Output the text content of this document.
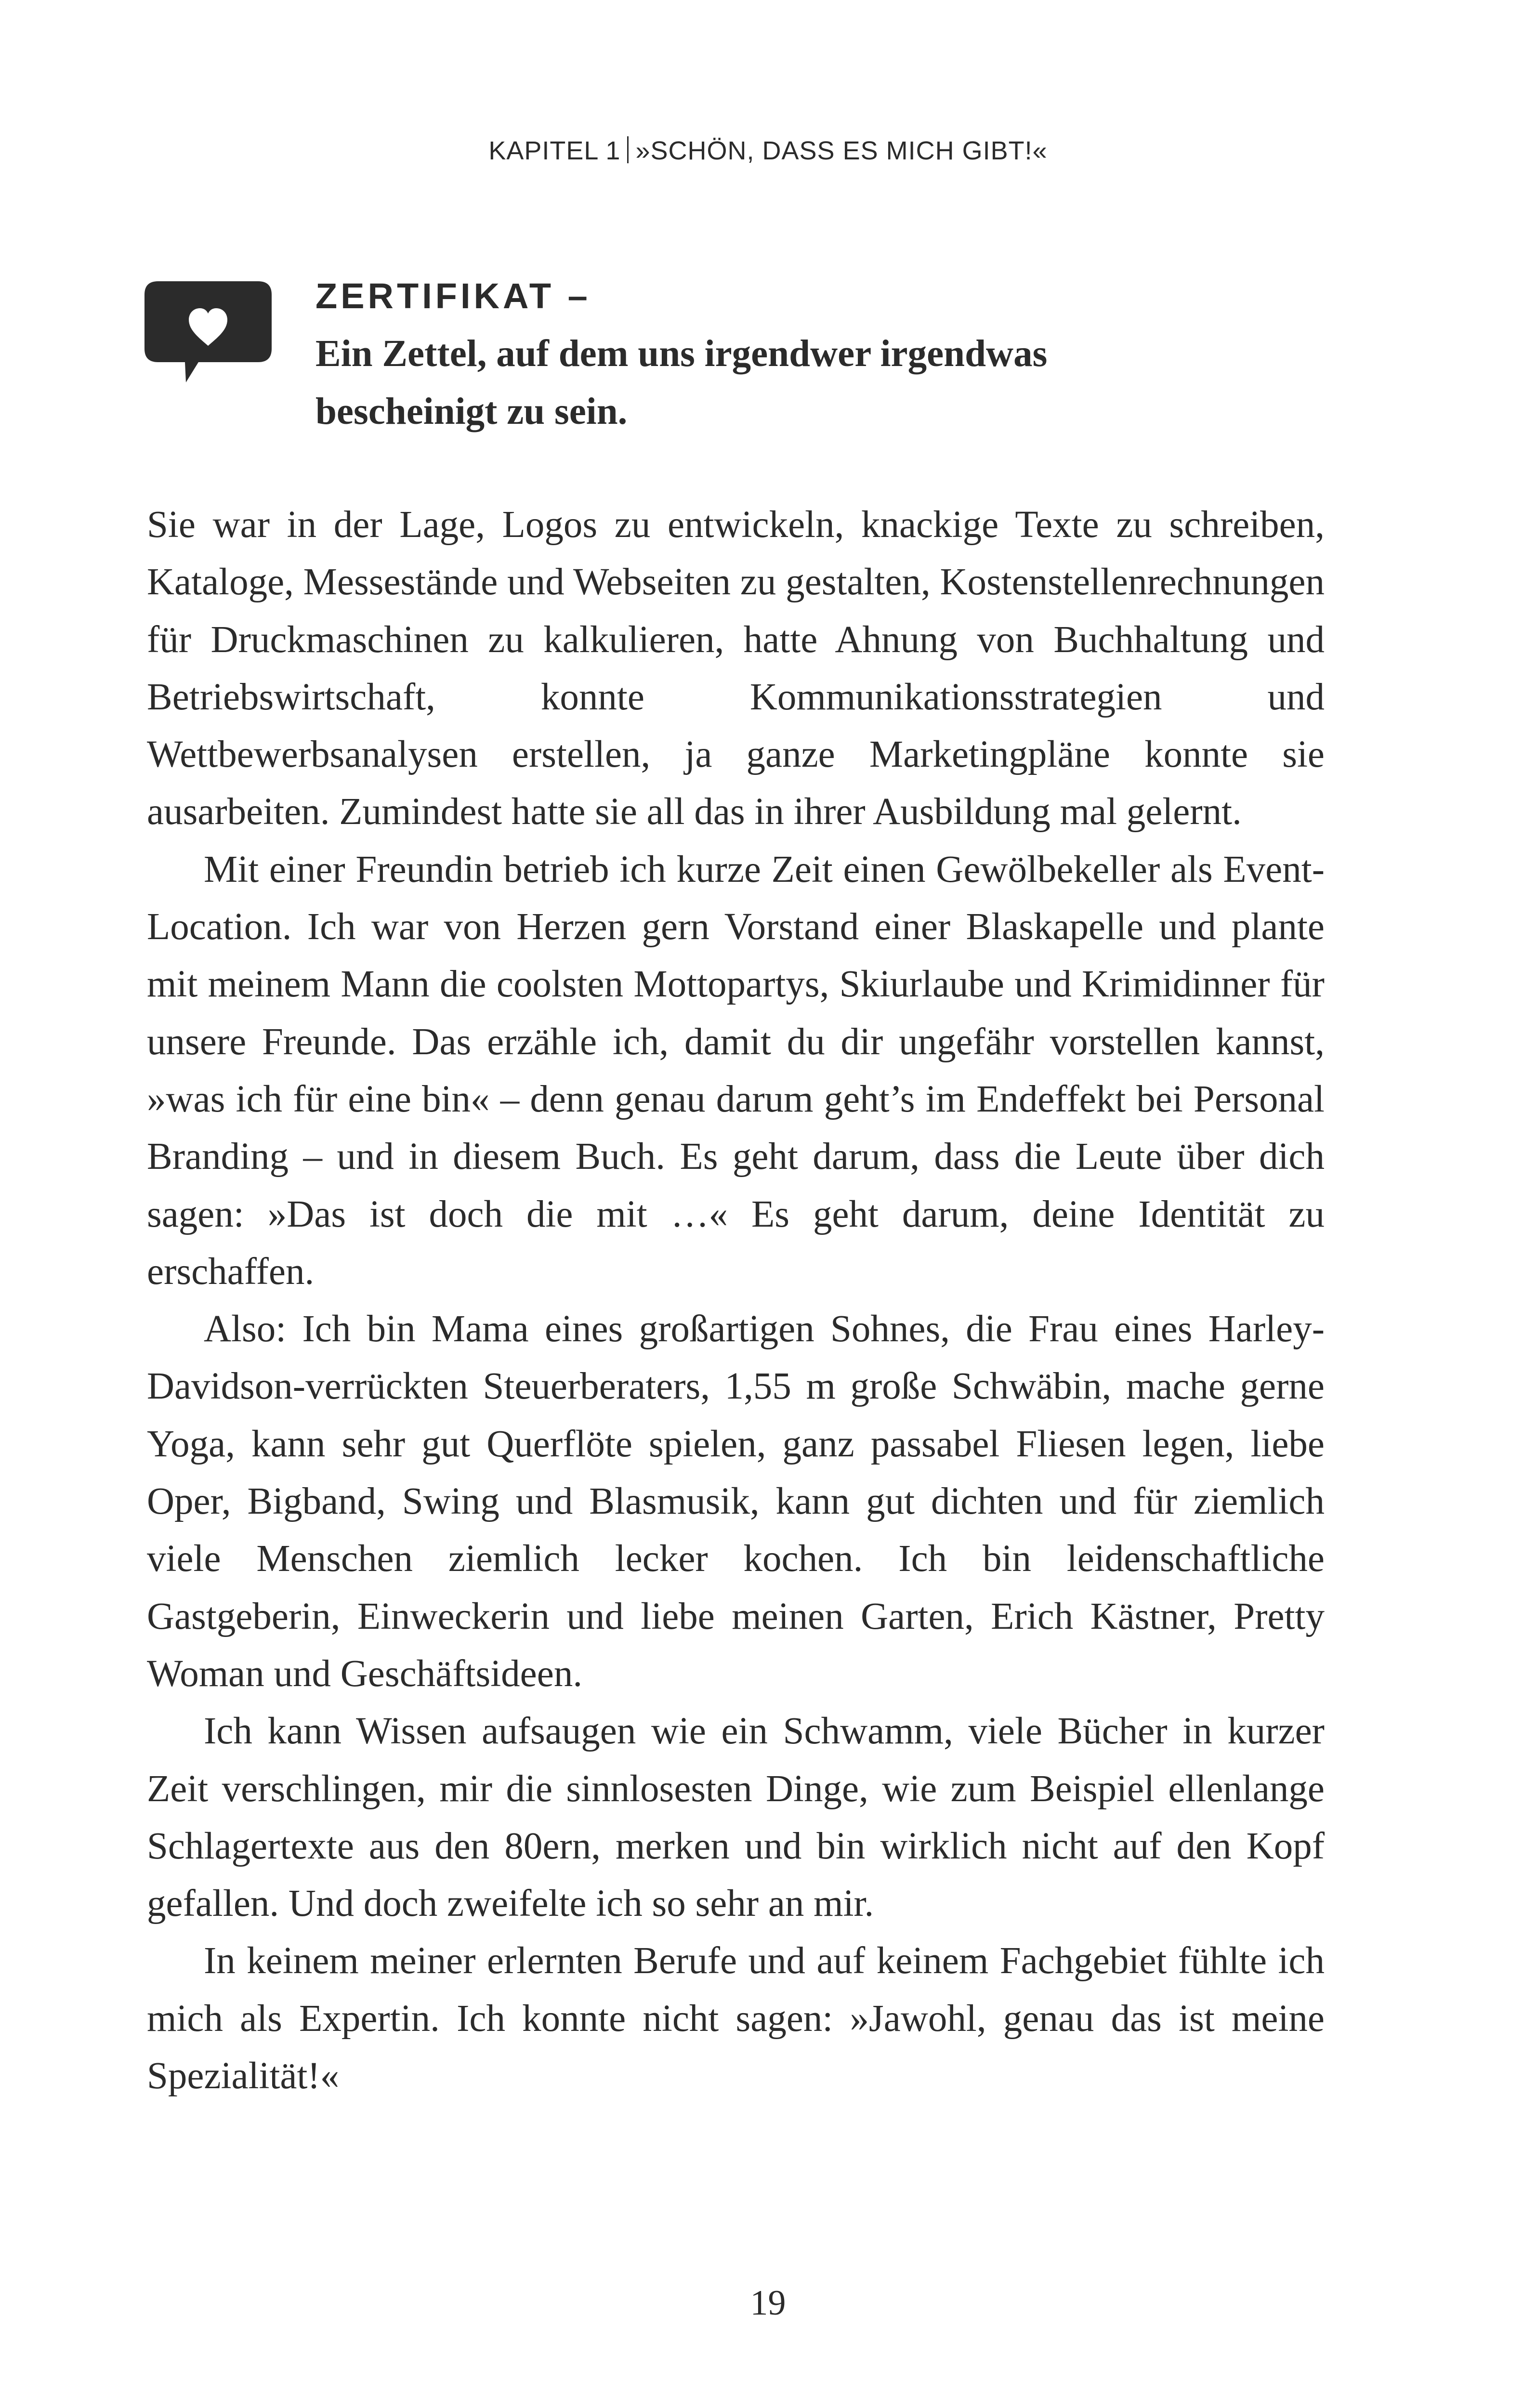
KAPITEL 1 »SCHÖN, DASS ES MICH GIBT!«
ZERTIFIKAT –
Ein Zettel, auf dem uns irgendwer irgendwas
bescheinigt zu sein.

Sie war in der Lage, Logos zu entwickeln, knackige Texte zu schreiben, Kataloge, Messestände und Webseiten zu gestalten, Kostenstellenrechnungen für Druckmaschinen zu kalkulieren, hatte Ahnung von Buchhaltung und Betriebswirtschaft, konnte Kommunikationsstrategien und Wettbewerbsanalysen erstellen, ja ganze Marketingpläne konnte sie ausarbeiten. Zumindest hatte sie all das in ihrer Ausbildung mal gelernt.

Mit einer Freundin betrieb ich kurze Zeit einen Gewölbekeller als Event-Location. Ich war von Herzen gern Vorstand einer Blaskapelle und plante mit meinem Mann die coolsten Mottopartys, Skiurlaube und Krimidinner für unsere Freunde. Das erzähle ich, damit du dir ungefähr vorstellen kannst, »was ich für eine bin« – denn genau darum geht’s im Endeffekt bei Personal Branding – und in diesem Buch. Es geht darum, dass die Leute über dich sagen: »Das ist doch die mit …« Es geht darum, deine Identität zu erschaffen.

Also: Ich bin Mama eines großartigen Sohnes, die Frau eines Harley-Davidson-verrückten Steuerberaters, 1,55 m große Schwäbin, mache gerne Yoga, kann sehr gut Querflöte spielen, ganz passabel Fliesen legen, liebe Oper, Bigband, Swing und Blasmusik, kann gut dichten und für ziemlich viele Menschen ziemlich lecker kochen. Ich bin leidenschaftliche Gastgeberin, Einweckerin und liebe meinen Garten, Erich Kästner, Pretty Woman und Geschäftsideen.

Ich kann Wissen aufsaugen wie ein Schwamm, viele Bücher in kurzer Zeit verschlingen, mir die sinnlosesten Dinge, wie zum Beispiel ellenlange Schlagertexte aus den 80ern, merken und bin wirklich nicht auf den Kopf gefallen. Und doch zweifelte ich so sehr an mir.

In keinem meiner erlernten Berufe und auf keinem Fachgebiet fühlte ich mich als Expertin. Ich konnte nicht sagen: »Jawohl, genau das ist meine Spezialität!«

19
